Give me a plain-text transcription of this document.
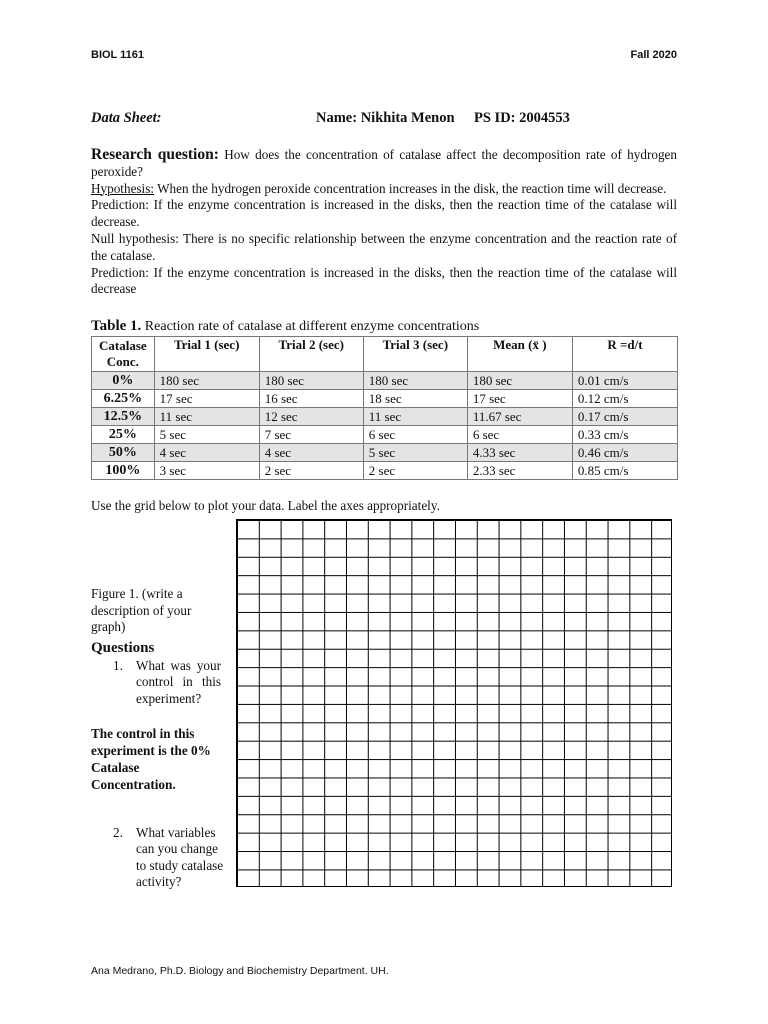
BIOL 1161	Fall 2020
Data Sheet:	Name: Nikhita Menon PS ID: 2004553

Research question: How does the concentration of catalase affect the decomposition rate of hydrogen peroxide?

Hypothesis: When the hydrogen peroxide concentration increases in the disk, the reaction time will decrease.

Prediction: If the enzyme concentration is increased in the disks, then the reaction time of the catalase will decrease.

Null hypothesis: There is no specific relationship between the enzyme concentration and the reaction rate of the catalase.

Prediction: If the enzyme concentration is increased in the disks, then the reaction time of the catalase will decrease

Table 1. Reaction rate of catalase at different enzyme concentrations
Catalase Conc.	Trial 1 (sec)	Trial 2 (sec)	Trial 3 (sec)	Mean (x̄ )	R =d/t
0%	180 sec	180 sec	180 sec	180 sec	0.01 cm/s
6.25%	17 sec	16 sec	18 sec	17 sec	0.12 cm/s
12.5%	11 sec	12 sec	11 sec	11.67 sec	0.17 cm/s
25%	5 sec	7 sec	6 sec	6 sec	0.33 cm/s
50%	4 sec	4 sec	5 sec	4.33 sec	0.46 cm/s
100%	3 sec	2 sec	2 sec	2.33 sec	0.85 cm/s
Use the grid below to plot your data. Label the axes appropriately.
Figure 1. (write a description of your graph)
Questions
1. What was your control in this experiment?
The control in this experiment is the 0% Catalase Concentration.
2. What variables can you change to study catalase activity?
Ana Medrano, Ph.D. Biology and Biochemistry Department. UH.
